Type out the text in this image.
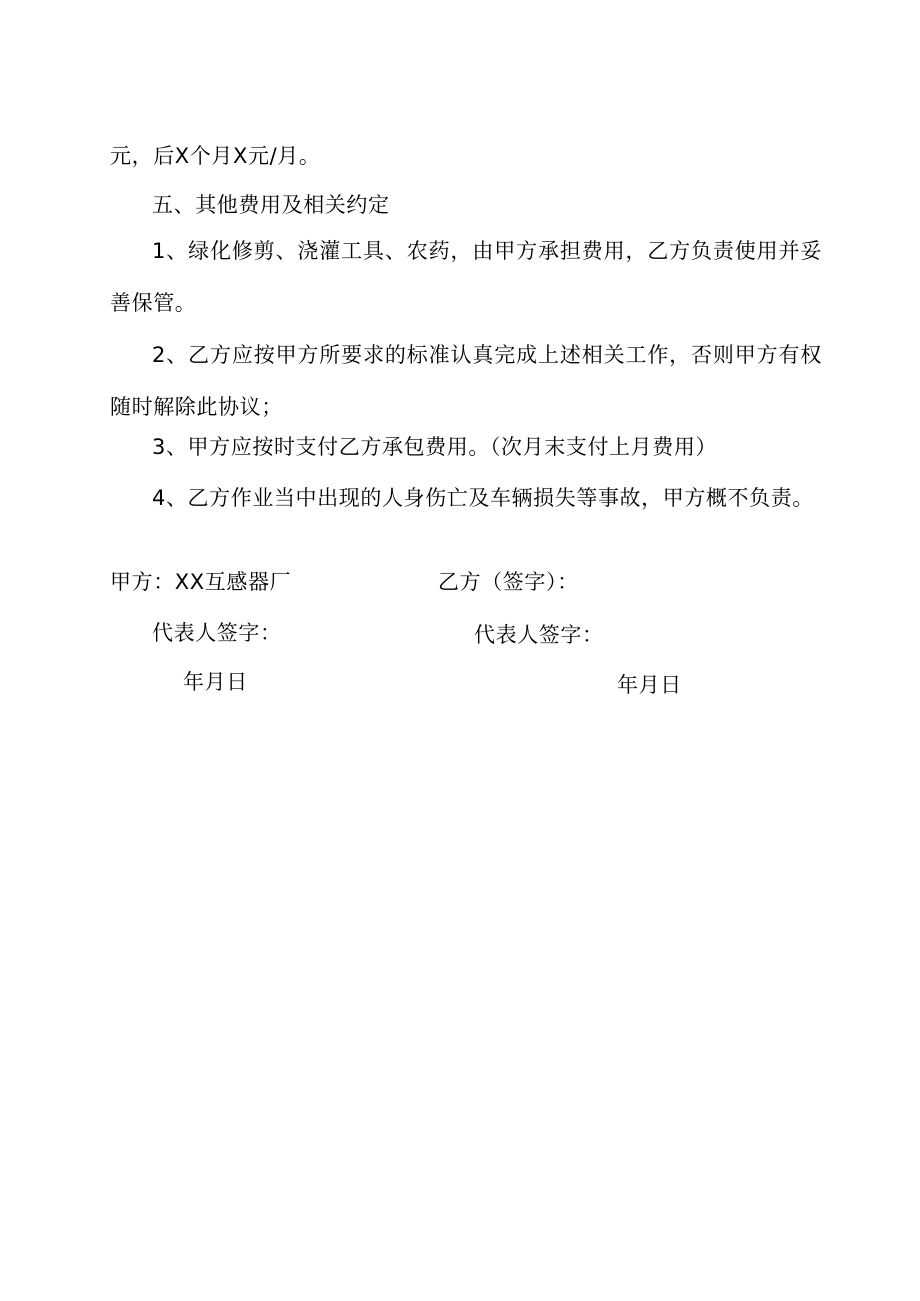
元，后X个月X元/月。
五、其他费用及相关约定
1、绿化修剪、浇灌工具、农药，由甲方承担费用，乙方负责使用并妥善保管。
2、乙方应按甲方所要求的标准认真完成上述相关工作，否则甲方有权随时解除此协议；
3、甲方应按时支付乙方承包费用。（次月末支付上月费用）
4、乙方作业当中出现的人身伤亡及车辆损失等事故，甲方概不负责。
甲方：XX互感器厂	乙方（签字）：
代表人签字：	代表人签字：
年月日	年月日
